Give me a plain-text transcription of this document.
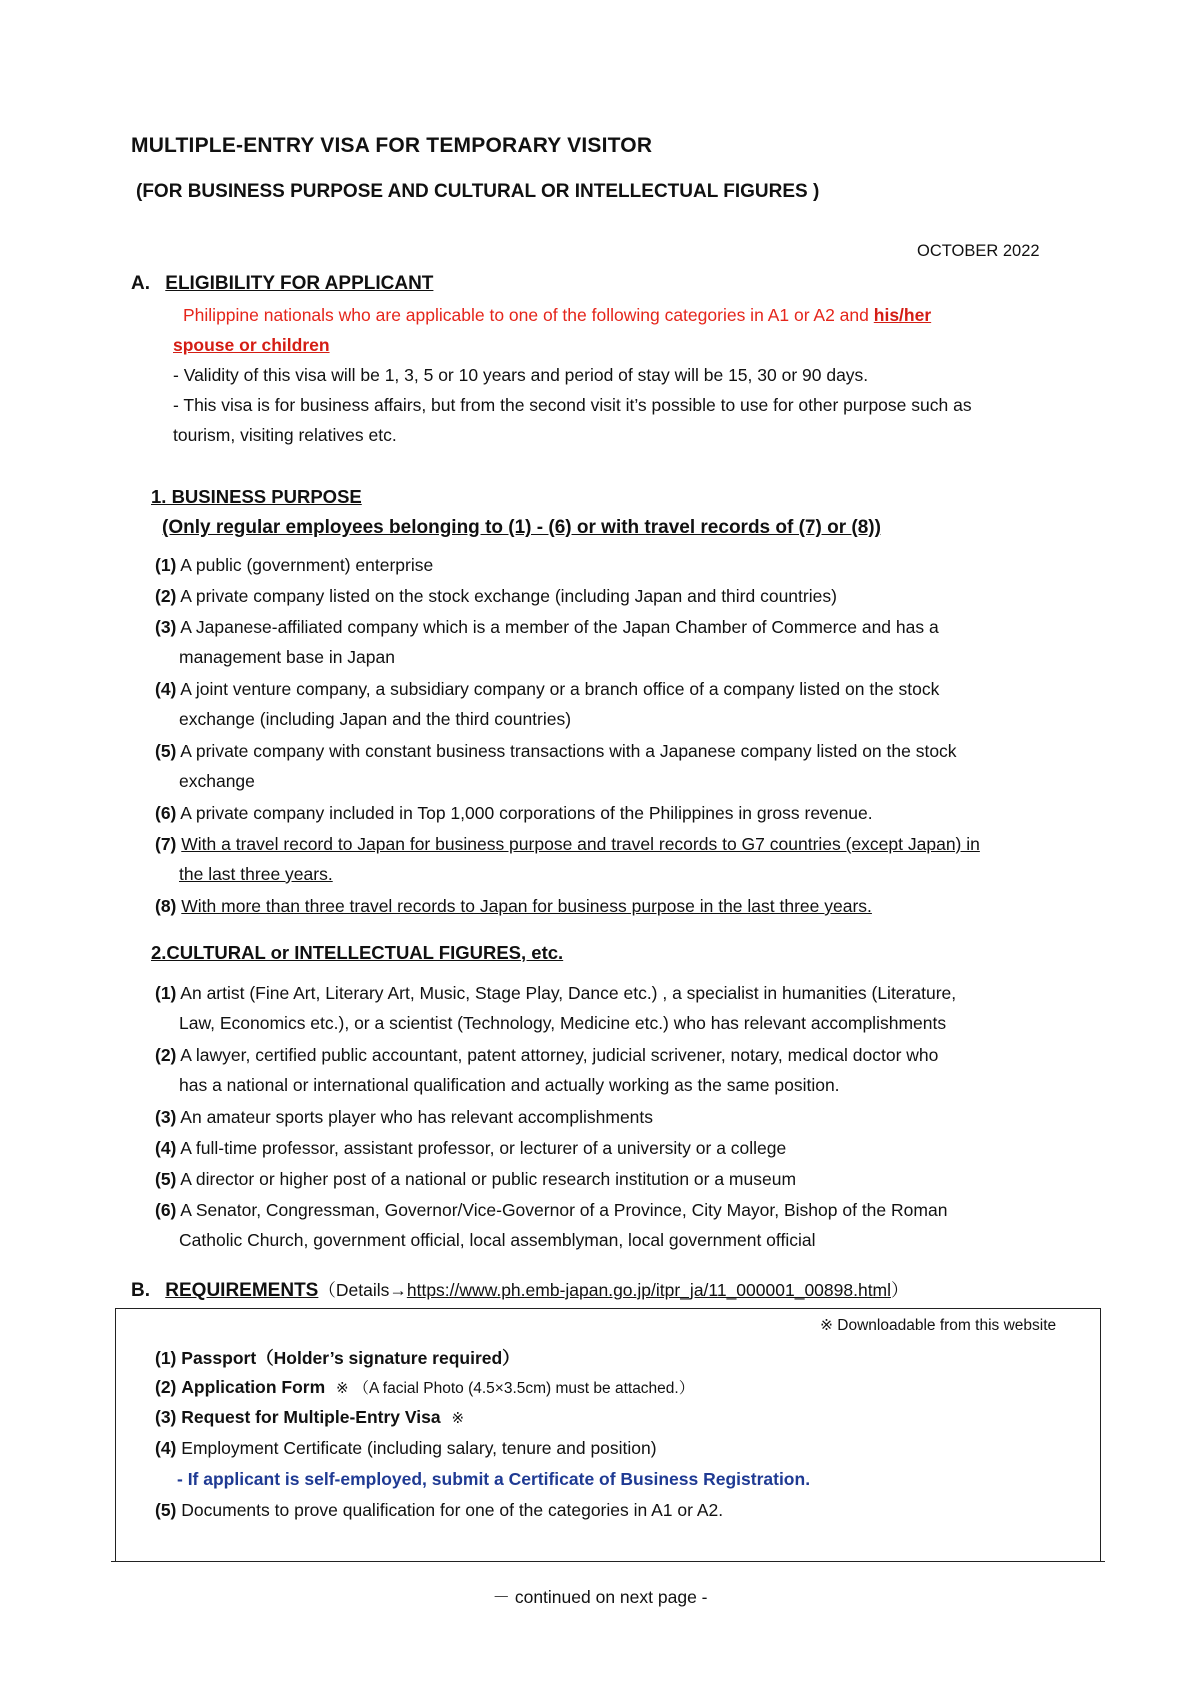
MULTIPLE-ENTRY VISA FOR TEMPORARY VISITOR
(FOR BUSINESS PURPOSE AND CULTURAL OR INTELLECTUAL FIGURES )
OCTOBER 2022
A. ELIGIBILITY FOR APPLICANT
Philippine nationals who are applicable to one of the following categories in A1 or A2 and his/her
spouse or children
- Validity of this visa will be 1, 3, 5 or 10 years and period of stay will be 15, 30 or 90 days.
- This visa is for business affairs, but from the second visit it’s possible to use for other purpose such as
tourism, visiting relatives etc.
1. BUSINESS PURPOSE
(Only regular employees belonging to (1) - (6) or with travel records of (7) or (8))
(1) A public (government) enterprise
(2) A private company listed on the stock exchange (including Japan and third countries)
(3) A Japanese-affiliated company which is a member of the Japan Chamber of Commerce and has a
management base in Japan
(4) A joint venture company, a subsidiary company or a branch office of a company listed on the stock
exchange (including Japan and the third countries)
(5) A private company with constant business transactions with a Japanese company listed on the stock
exchange
(6) A private company included in Top 1,000 corporations of the Philippines in gross revenue.
(7) With a travel record to Japan for business purpose and travel records to G7 countries (except Japan) in
the last three years.
(8) With more than three travel records to Japan for business purpose in the last three years.
2.CULTURAL or INTELLECTUAL FIGURES, etc.
(1) An artist (Fine Art, Literary Art, Music, Stage Play, Dance etc.) , a specialist in humanities (Literature,
Law, Economics etc.), or a scientist (Technology, Medicine etc.) who has relevant accomplishments
(2) A lawyer, certified public accountant, patent attorney, judicial scrivener, notary, medical doctor who
has a national or international qualification and actually working as the same position.
(3) An amateur sports player who has relevant accomplishments
(4) A full-time professor, assistant professor, or lecturer of a university or a college
(5) A director or higher post of a national or public research institution or a museum
(6) A Senator, Congressman, Governor/Vice-Governor of a Province, City Mayor, Bishop of the Roman
Catholic Church, government official, local assemblyman, local government official
B. REQUIREMENTS（Details→https://www.ph.emb-japan.go.jp/itpr_ja/11_000001_00898.html）
※ Downloadable from this website
(1) Passport（Holder’s signature required）
(2) Application Form ※ （A facial Photo (4.5×3.5cm) must be attached.）
(3) Request for Multiple-Entry Visa ※
(4) Employment Certificate (including salary, tenure and position)
- If applicant is self-employed, submit a Certificate of Business Registration.
(5) Documents to prove qualification for one of the categories in A1 or A2.
－ continued on next page -
